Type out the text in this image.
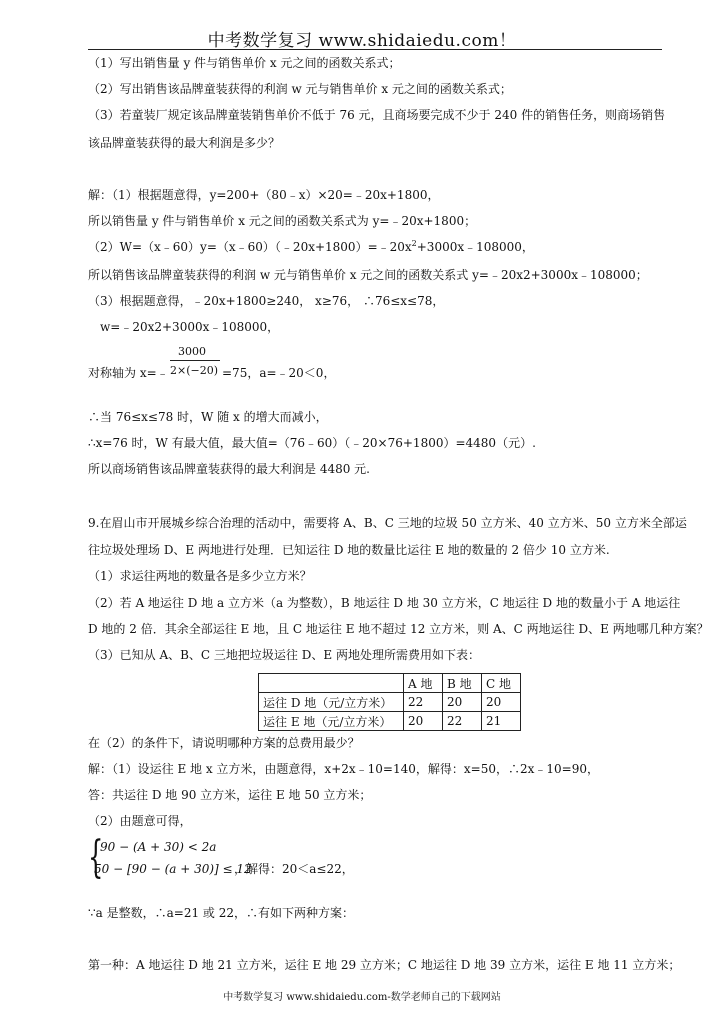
中考数学复习 www.shidaiedu.com！
（1）写出销售量 y 件与销售单价 x 元之间的函数关系式；
（2）写出销售该品牌童装获得的利润 w 元与销售单价 x 元之间的函数关系式；
（3）若童装厂规定该品牌童装销售单价不低于 76 元，且商场要完成不少于 240 件的销售任务，则商场销售
该品牌童装获得的最大利润是多少？
解：（1）根据题意得，y=200+（80﹣x）×20=﹣20x+1800，
所以销售量 y 件与销售单价 x 元之间的函数关系式为 y=﹣20x+1800；
$(2)W=(x﹣60)y=(x﹣60)(﹣20x+1800)=﹣20x^2+3000x﹣108000$，
所以销售该品牌童装获得的利润 w 元与销售单价 x 元之间的函数关系式 y=﹣20x2+3000x﹣108000；
（3）根据题意得，﹣20x+1800≥240， x≥76， ∴76≤x≤78，
w=﹣20x2+3000x﹣108000，
3000
对称轴为 x=﹣ 2×(−20) =75，a=﹣20＜0，
∴当 76≤x≤78 时，W 随 x 的增大而减小，
∴x=76 时，W 有最大值，最大值=（76﹣60）（﹣20×76+1800）=4480（元）.
所以商场销售该品牌童装获得的最大利润是 4480 元.
9.在眉山市开展城乡综合治理的活动中，需要将 A、B、C 三地的垃圾 50 立方米、40 立方米、50 立方米全部运
往垃圾处理场 D、E 两地进行处理．已知运往 D 地的数量比运往 E 地的数量的 2 倍少 10 立方米.
（1）求运往两地的数量各是多少立方米？
（2）若 A 地运往 D 地 a 立方米（a 为整数），B 地运往 D 地 30 立方米，C 地运往 D 地的数量小于 A 地运往
D 地的 2 倍．其余全部运往 E 地，且 C 地运往 E 地不超过 12 立方米，则 A、C 两地运往 D、E 两地哪几种方案？
（3）已知从 A、B、C 三地把垃圾运往 D、E 两地处理所需费用如下表：
	A 地	B 地	C 地
运往 D 地（元/立方米）	22	20	20
运往 E 地（元/立方米）	20	22	21
在（2）的条件下，请说明哪种方案的总费用最少？
解：（1）设运往 E 地 x 立方米，由题意得，x+2x﹣10=140，解得：x=50，∴2x﹣10=90，
答：共运往 D 地 90 立方米，运往 E 地 50 立方米；
（2）由题意可得，
{
90 − (A + 30) < 2a
50 − [90 − (a + 30)] ≤ 12
，解得：20＜a≤22，
∵a 是整数，∴a=21 或 22，∴有如下两种方案：
第一种：A 地运往 D 地 21 立方米，运往 E 地 29 立方米；C 地运往 D 地 39 立方米，运往 E 地 11 立方米；
中考数学复习 www.shidaiedu.com-数学老师自己的下载网站
